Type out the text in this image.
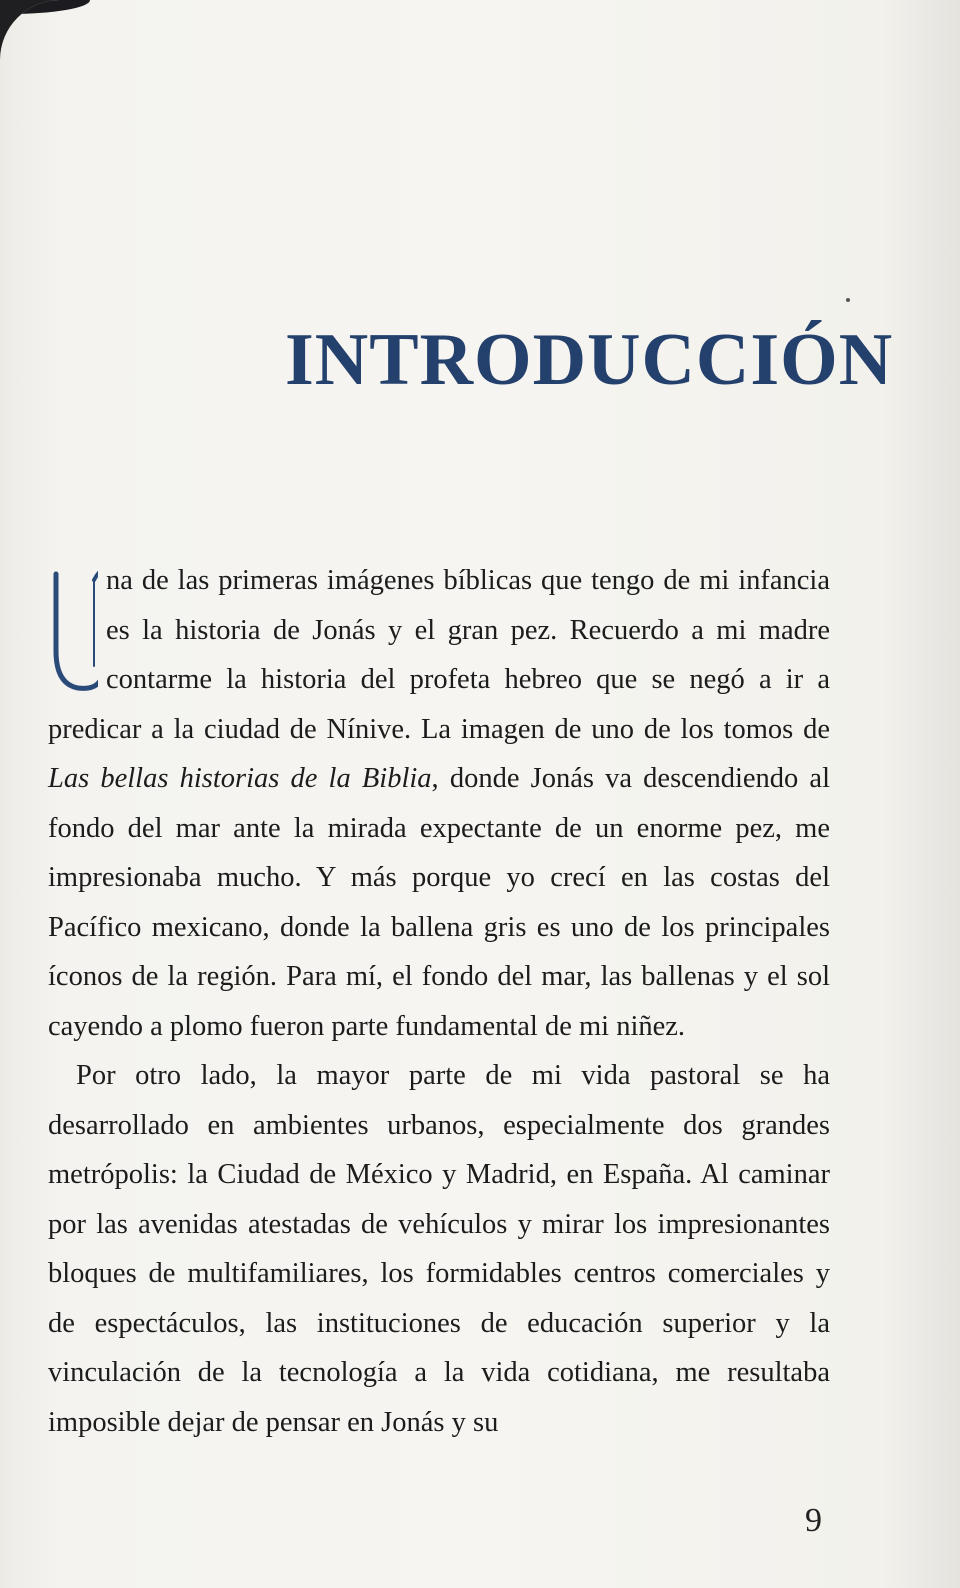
INTRODUCCIÓN

na de las primeras imágenes bíblicas que tengo de mi infancia es la historia de Jonás y el gran pez. Recuerdo a mi madre contarme la historia del profeta hebreo que se negó a ir a predicar a la ciudad de Nínive. La imagen de uno de los tomos de Las bellas historias de la Biblia, donde Jonás va descendiendo al fondo del mar ante la mirada expectante de un enorme pez, me impresionaba mucho. Y más porque yo crecí en las costas del Pacífico mexicano, donde la ballena gris es uno de los principales íconos de la región. Para mí, el fondo del mar, las ballenas y el sol cayendo a plomo fueron parte fundamental de mi niñez.

Por otro lado, la mayor parte de mi vida pastoral se ha desarrollado en ambientes urbanos, especialmente dos grandes metrópolis: la Ciudad de México y Madrid, en España. Al caminar por las avenidas atestadas de vehículos y mirar los impresionantes bloques de multifamiliares, los formidables centros comerciales y de espectáculos, las instituciones de educación superior y la vinculación de la tecnología a la vida cotidiana, me resultaba imposible dejar de pensar en Jonás y su

9
